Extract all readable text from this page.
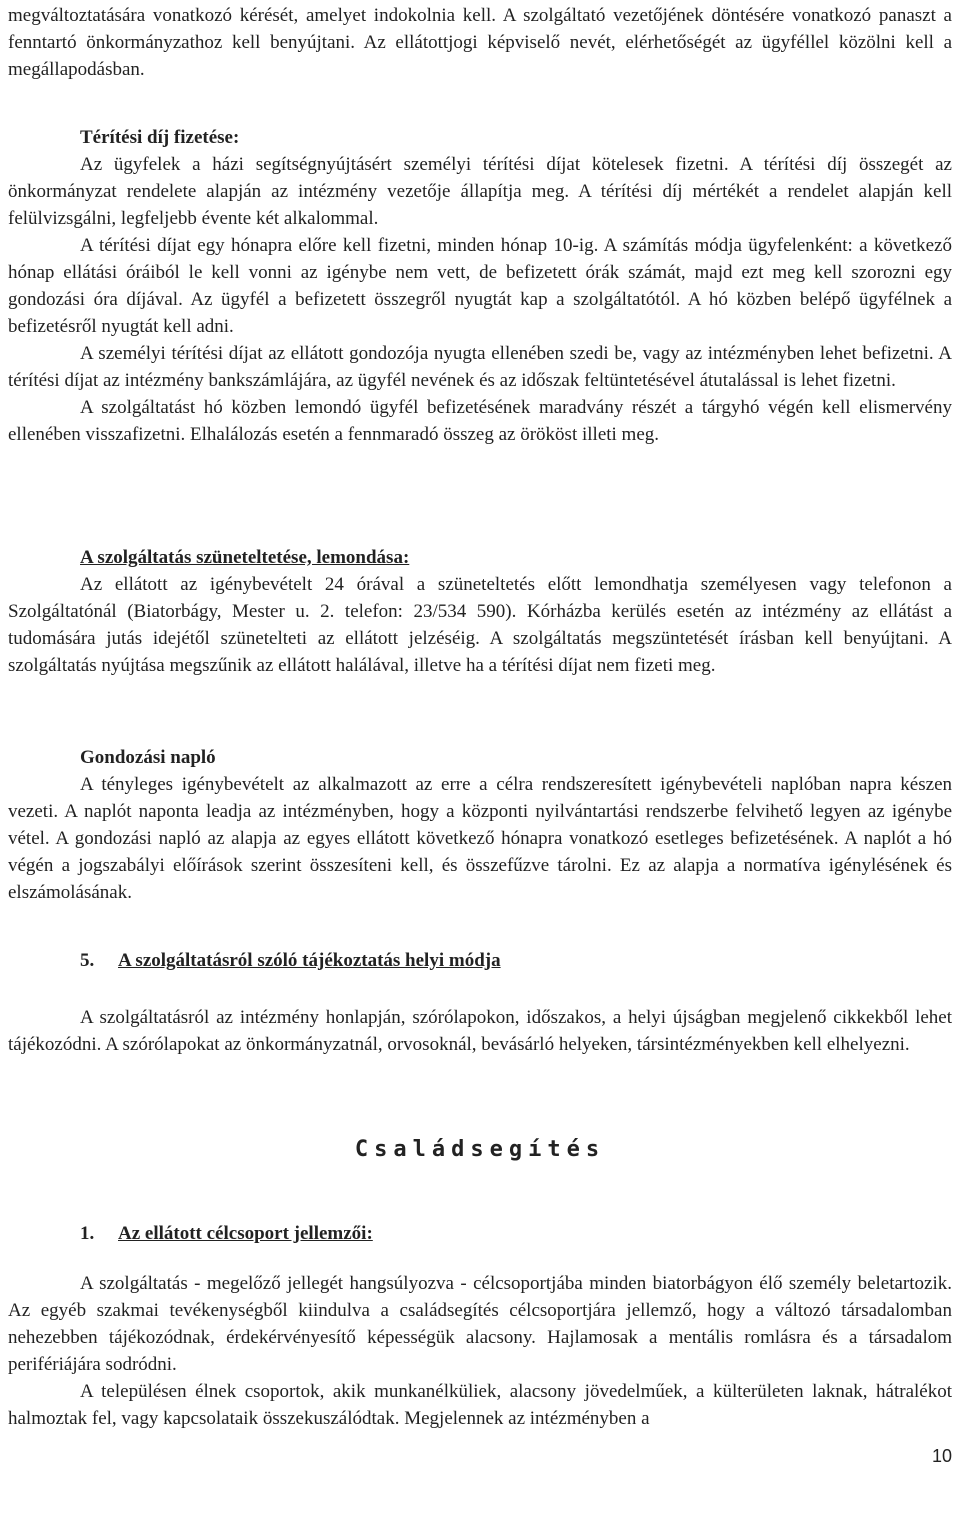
megváltoztatására vonatkozó kérését, amelyet indokolnia kell. A szolgáltató vezetőjének döntésére vonatkozó panaszt a fenntartó önkormányzathoz kell benyújtani. Az ellátottjogi képviselő nevét, elérhetőségét az ügyféllel közölni kell a megállapodásban.

Térítési díj fizetése:

Az ügyfelek a házi segítségnyújtásért személyi térítési díjat kötelesek fizetni. A térítési díj összegét az önkormányzat rendelete alapján az intézmény vezetője állapítja meg. A térítési díj mértékét a rendelet alapján kell felülvizsgálni, legfeljebb évente két alkalommal.

A térítési díjat egy hónapra előre kell fizetni, minden hónap 10-ig. A számítás módja ügyfelenként: a következő hónap ellátási óráiból le kell vonni az igénybe nem vett, de befizetett órák számát, majd ezt meg kell szorozni egy gondozási óra díjával. Az ügyfél a befizetett összegről nyugtát kap a szolgáltatótól. A hó közben belépő ügyfélnek a befizetésről nyugtát kell adni.

A személyi térítési díjat az ellátott gondozója nyugta ellenében szedi be, vagy az intézményben lehet befizetni. A térítési díjat az intézmény bankszámlájára, az ügyfél nevének és az időszak feltüntetésével átutalással is lehet fizetni.

A szolgáltatást hó közben lemondó ügyfél befizetésének maradvány részét a tárgyhó végén kell elismervény ellenében visszafizetni. Elhalálozás esetén a fennmaradó összeg az örököst illeti meg.

A szolgáltatás szüneteltetése, lemondása:

Az ellátott az igénybevételt 24 órával a szüneteltetés előtt lemondhatja személyesen vagy telefonon a Szolgáltatónál (Biatorbágy, Mester u. 2. telefon: 23/534 590). Kórházba kerülés esetén az intézmény az ellátást a tudomására jutás idejétől szünetelteti az ellátott jelzéséig. A szolgáltatás megszüntetését írásban kell benyújtani. A szolgáltatás nyújtása megszűnik az ellátott halálával, illetve ha a térítési díjat nem fizeti meg.

Gondozási napló

A tényleges igénybevételt az alkalmazott az erre a célra rendszeresített igénybevételi naplóban napra készen vezeti. A naplót naponta leadja az intézményben, hogy a központi nyilvántartási rendszerbe felvihető legyen az igénybe vétel. A gondozási napló az alapja az egyes ellátott következő hónapra vonatkozó esetleges befizetésének. A naplót a hó végén a jogszabályi előírások szerint összesíteni kell, és összefűzve tárolni. Ez az alapja a normatíva igénylésének és elszámolásának.

5. A szolgáltatásról szóló tájékoztatás helyi módja

A szolgáltatásról az intézmény honlapján, szórólapokon, időszakos, a helyi újságban megjelenő cikkekből lehet tájékozódni. A szórólapokat az önkormányzatnál, orvosoknál, bevásárló helyeken, társintézményekben kell elhelyezni.

Családsegítés
1. Az ellátott célcsoport jellemzői:

A szolgáltatás - megelőző jellegét hangsúlyozva - célcsoportjába minden biatorbágyon élő személy beletartozik. Az egyéb szakmai tevékenységből kiindulva a családsegítés célcsoportjára jellemző, hogy a változó társadalomban nehezebben tájékozódnak, érdekérvényesítő képességük alacsony. Hajlamosak a mentális romlásra és a társadalom perifériájára sodródni.

A településen élnek csoportok, akik munkanélküliek, alacsony jövedelműek, a külterületen laknak, hátralékot halmoztak fel, vagy kapcsolataik összekuszálódtak. Megjelennek az intézményben a

10
